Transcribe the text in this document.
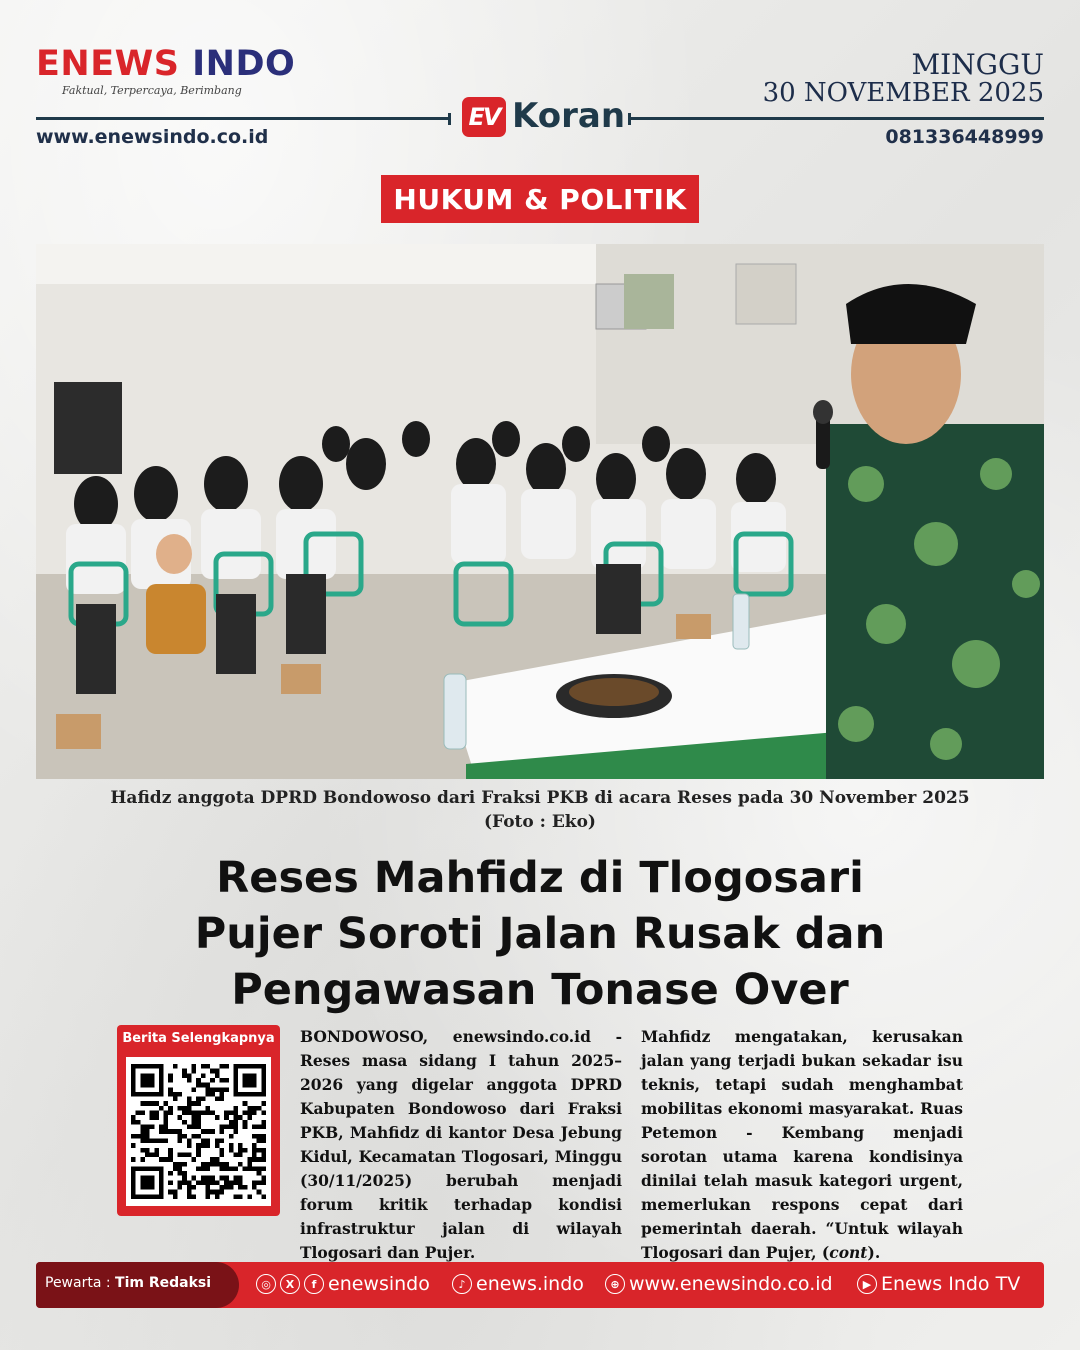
ENEWS INDO
Faktual, Terpercaya, Berimbang
www.enewsindo.co.id
MINGGU
30 NOVEMBER 2025
081336448999
EV Koran
HUKUM & POLITIK
Hafidz anggota DPRD Bondowoso dari Fraksi PKB di acara Reses pada 30 November 2025
(Foto : Eko)
Reses Mahfidz di Tlogosari
Pujer Soroti Jalan Rusak dan
Pengawasan Tonase Over
Berita Selengkapnya	BONDOWOSO, enewsindo.co.id - Reses masa sidang I tahun 2025–2026 yang digelar anggota DPRD Kabupaten Bondowoso dari Fraksi PKB, Mahfidz di kantor Desa Jebung Kidul, Kecamatan Tlogosari, Minggu (30/11/2025) berubah menjadi forum kritik terhadap kondisi infrastruktur jalan di wilayah Tlogosari dan Pujer.
Mahfidz mengatakan, kerusakan jalan yang terjadi bukan sekadar isu teknis, tetapi sudah menghambat mobilitas ekonomi masyarakat. Ruas Petemon - Kembang menjadi sorotan utama karena kondisinya dinilai telah masuk kategori urgent, memerlukan respons cepat dari pemerintah daerah. “Untuk wilayah Tlogosari dan Pujer, (cont).
Pewarta : Tim Redaksi	◎	X	f enewsindo	♪ enews.indo	⊕ www.enewsindo.co.id	▶ Enews Indo TV
